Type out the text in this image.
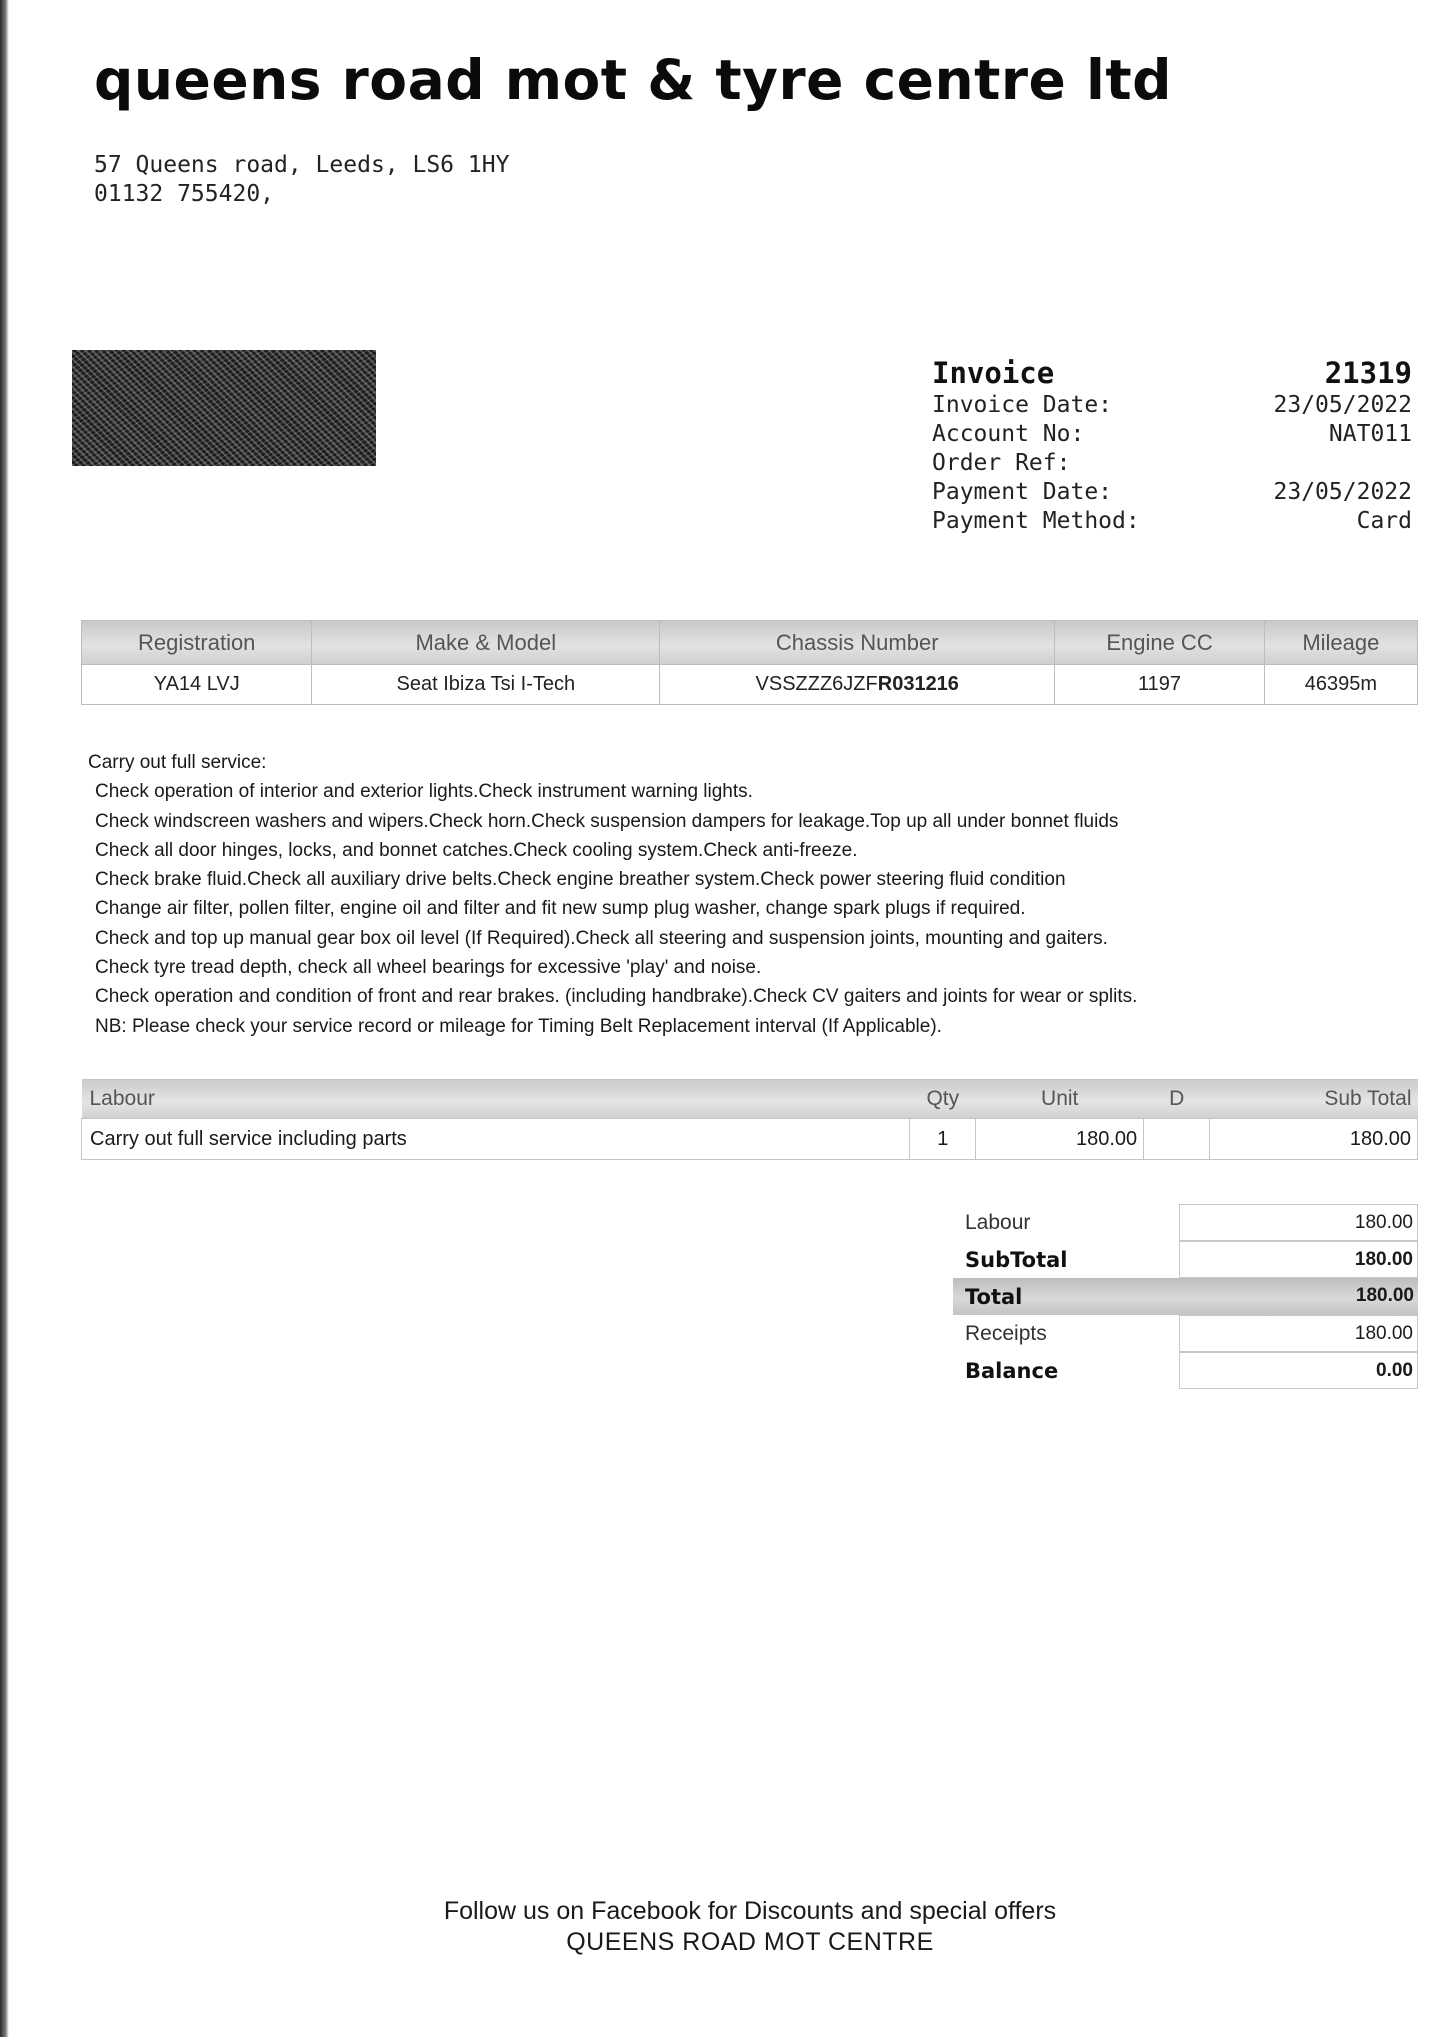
queens road mot & tyre centre ltd
57 Queens road, Leeds, LS6 1HY
01132 755420,
Invoice	21319
Invoice Date:	23/05/2022
Account No:	NAT011
Order Ref:
Payment Date:	23/05/2022
Payment Method:	Card
Registration	Make & Model	Chassis Number	Engine CC	Mileage
YA14 LVJ	Seat Ibiza Tsi I-Tech	VSSZZZ6JZFR031216	1197	46395m
Carry out full service:
Check operation of interior and exterior lights.Check instrument warning lights.
Check windscreen washers and wipers.Check horn.Check suspension dampers for leakage.Top up all under bonnet fluids
Check all door hinges, locks, and bonnet catches.Check cooling system.Check anti-freeze.
Check brake fluid.Check all auxiliary drive belts.Check engine breather system.Check power steering fluid condition
Change air filter, pollen filter, engine oil and filter and fit new sump plug washer, change spark plugs if required.
Check and top up manual gear box oil level (If Required).Check all steering and suspension joints, mounting and gaiters.
Check tyre tread depth, check all wheel bearings for excessive 'play' and noise.
Check operation and condition of front and rear brakes. (including handbrake).Check CV gaiters and joints for wear or splits.
NB: Please check your service record or mileage for Timing Belt Replacement interval (If Applicable).
Labour	Qty	Unit	D	Sub Total
Carry out full service including parts	1	180.00		180.00
Labour	180.00
SubTotal	180.00
Total	180.00
Receipts	180.00
Balance	0.00
Follow us on Facebook for Discounts and special offers
QUEENS ROAD MOT CENTRE
